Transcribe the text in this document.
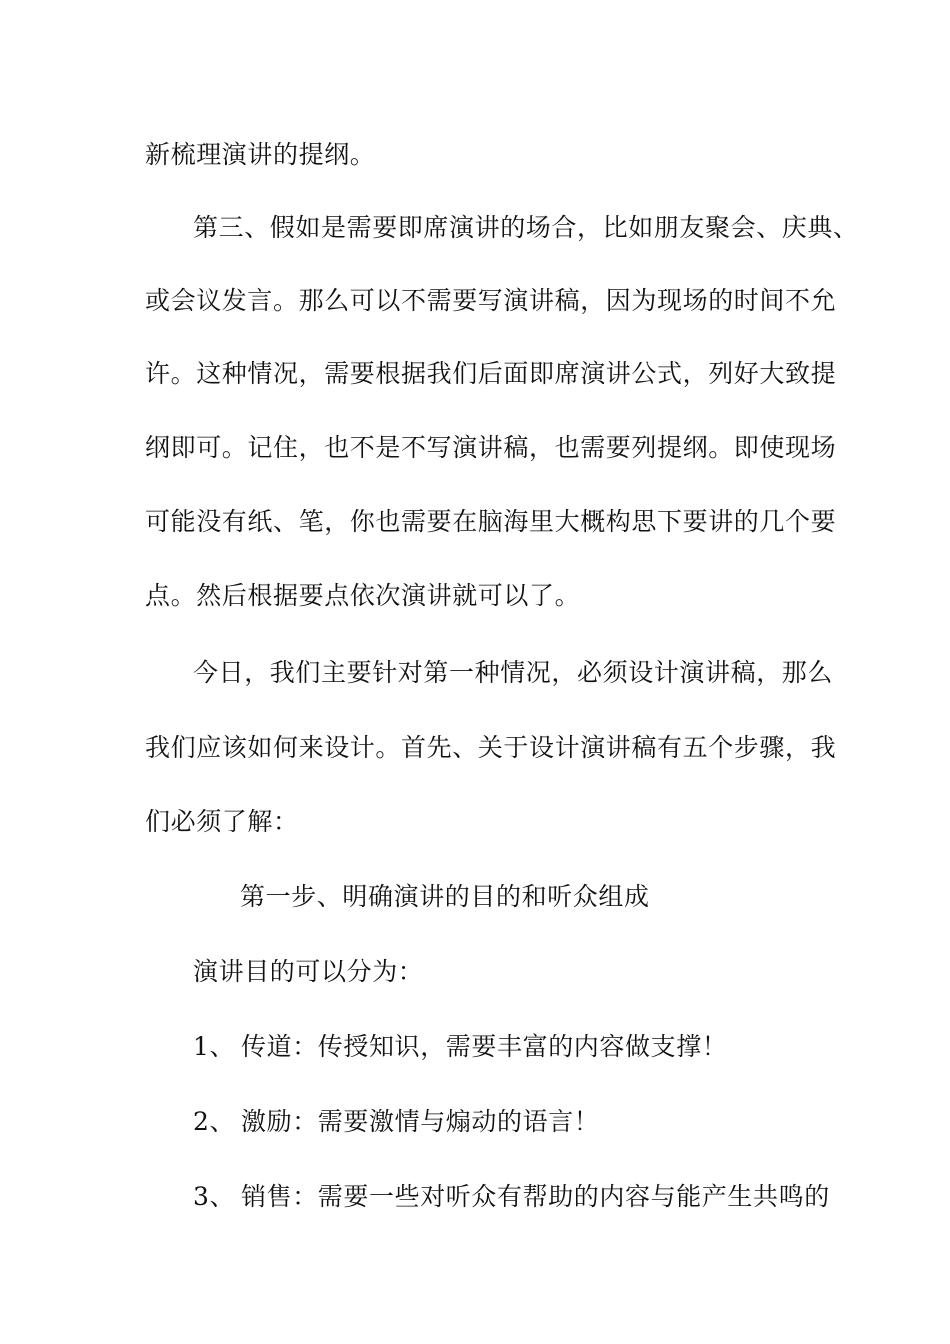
新梳理演讲的提纲。
第三、假如是需要即席演讲的场合，比如朋友聚会、庆典、
或会议发言。那么可以不需要写演讲稿，因为现场的时间不允
许。这种情况，需要根据我们后面即席演讲公式，列好大致提
纲即可。记住，也不是不写演讲稿，也需要列提纲。即使现场
可能没有纸、笔，你也需要在脑海里大概构思下要讲的几个要
点。然后根据要点依次演讲就可以了。
今日，我们主要针对第一种情况，必须设计演讲稿，那么
我们应该如何来设计。首先、关于设计演讲稿有五个步骤，我
们必须了解：
第一步、明确演讲的目的和听众组成
演讲目的可以分为：
1、 传道：传授知识，需要丰富的内容做支撑！
2、 激励：需要激情与煽动的语言！
3、 销售：需要一些对听众有帮助的内容与能产生共鸣的
